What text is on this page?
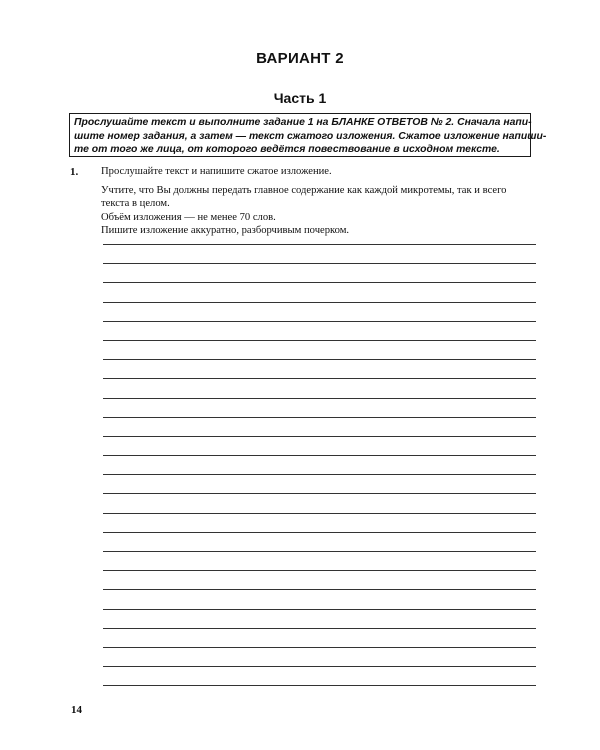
ВАРИАНТ 2
Часть 1
Прослушайте текст и выполните задание 1 на БЛАНКЕ ОТВЕТОВ № 2. Сначала напи-
шите номер задания, а затем — текст сжатого изложения. Сжатое изложение напиши-
те от того же лица, от которого ведётся повествование в исходном тексте.
1. Прослушайте текст и напишите сжатое изложение.
Учтите, что Вы должны передать главное содержание как каждой микротемы, так и всего
текста в целом.
Объём изложения — не менее 70 слов.
Пишите изложение аккуратно, разборчивым почерком.
14
